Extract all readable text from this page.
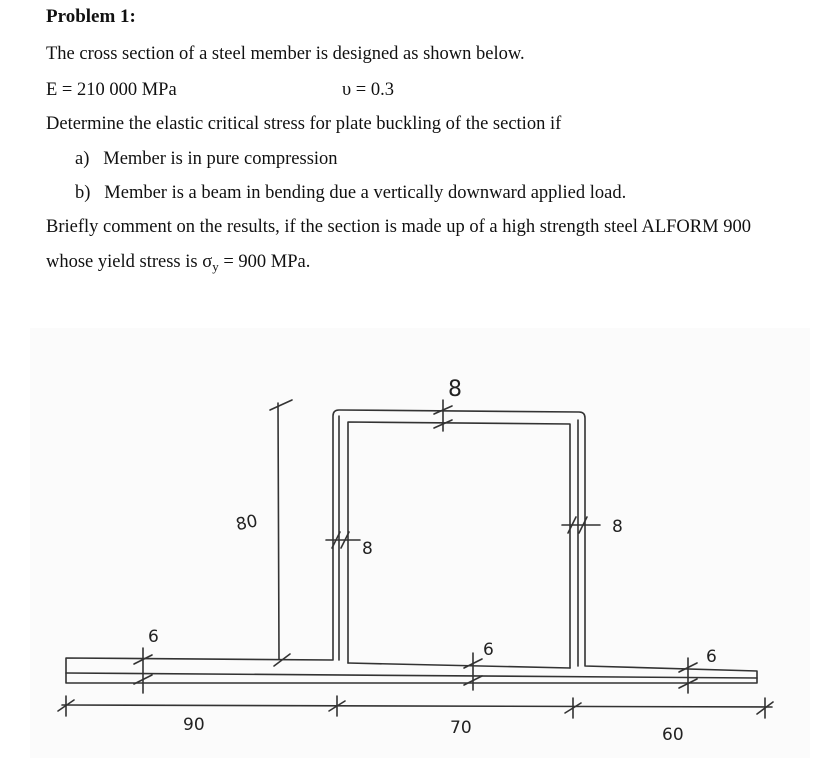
Problem 1:
The cross section of a steel member is designed as shown below.
E = 210 000 MPa	υ = 0.3
Determine the elastic critical stress for plate buckling of the section if
a) Member is in pure compression
b) Member is a beam in bending due a vertically downward applied load.
Briefly comment on the results, if the section is made up of a high strength steel ALFORM 900
whose yield stress is $\sigma_y = 900$ MPa.
80
8
8
8
6
6	6
90	70	60
